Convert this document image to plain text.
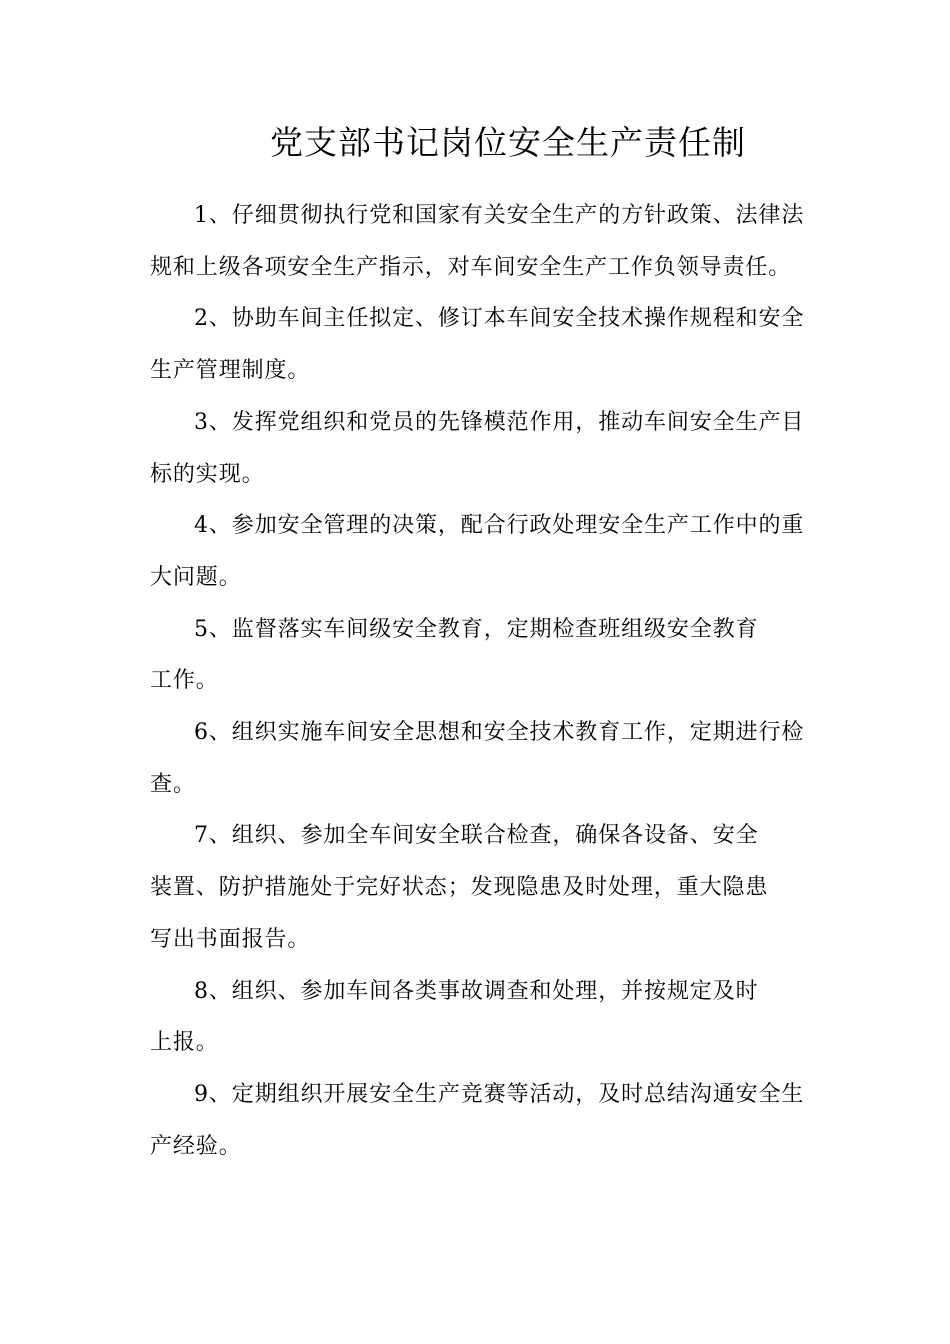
党支部书记岗位安全生产责任制

1、仔细贯彻执行党和国家有关安全生产的方针政策、法律法规和上级各项安全生产指示，对车间安全生产工作负领导责任。

2、协助车间主任拟定、修订本车间安全技术操作规程和安全生产管理制度。

3、发挥党组织和党员的先锋模范作用，推动车间安全生产目标的实现。

4、参加安全管理的决策，配合行政处理安全生产工作中的重大问题。

5、监督落实车间级安全教育，定期检查班组级安全教育工作。

6、组织实施车间安全思想和安全技术教育工作，定期进行检查。

7、组织、参加全车间安全联合检查，确保各设备、安全装置、防护措施处于完好状态；发现隐患及时处理，重大隐患写出书面报告。

8、组织、参加车间各类事故调查和处理，并按规定及时上报。

9、定期组织开展安全生产竞赛等活动，及时总结沟通安全生产经验。
